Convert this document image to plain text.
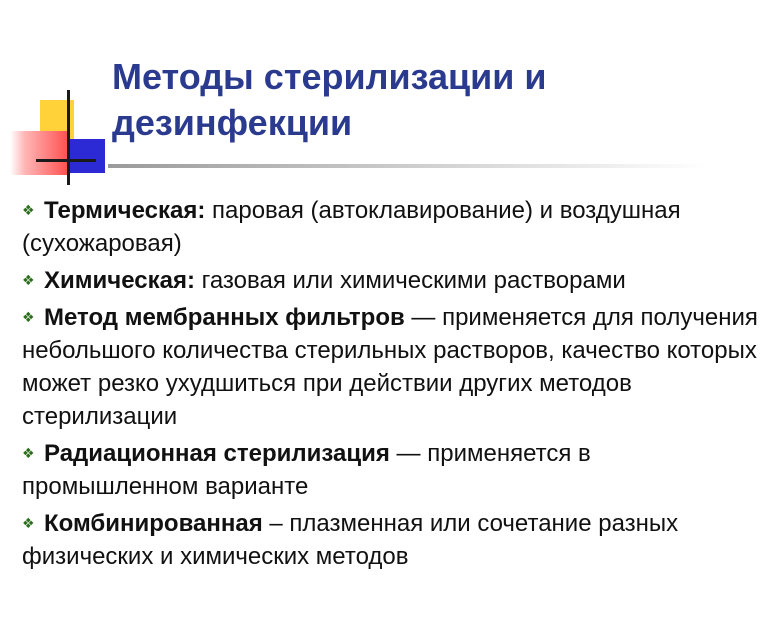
Методы стерилизации и дезинфекции
❖ Термическая: паровая (автоклавирование) и воздушная (сухожаровая)
❖ Химическая: газовая или химическими растворами
❖ Метод мембранных фильтров — применяется для получения небольшого количества стерильных растворов, качество которых может резко ухудшиться при действии других методов стерилизации
❖ Радиационная стерилизация — применяется в промышленном варианте
❖ Комбинированная – плазменная или сочетание разных физических и химических методов
